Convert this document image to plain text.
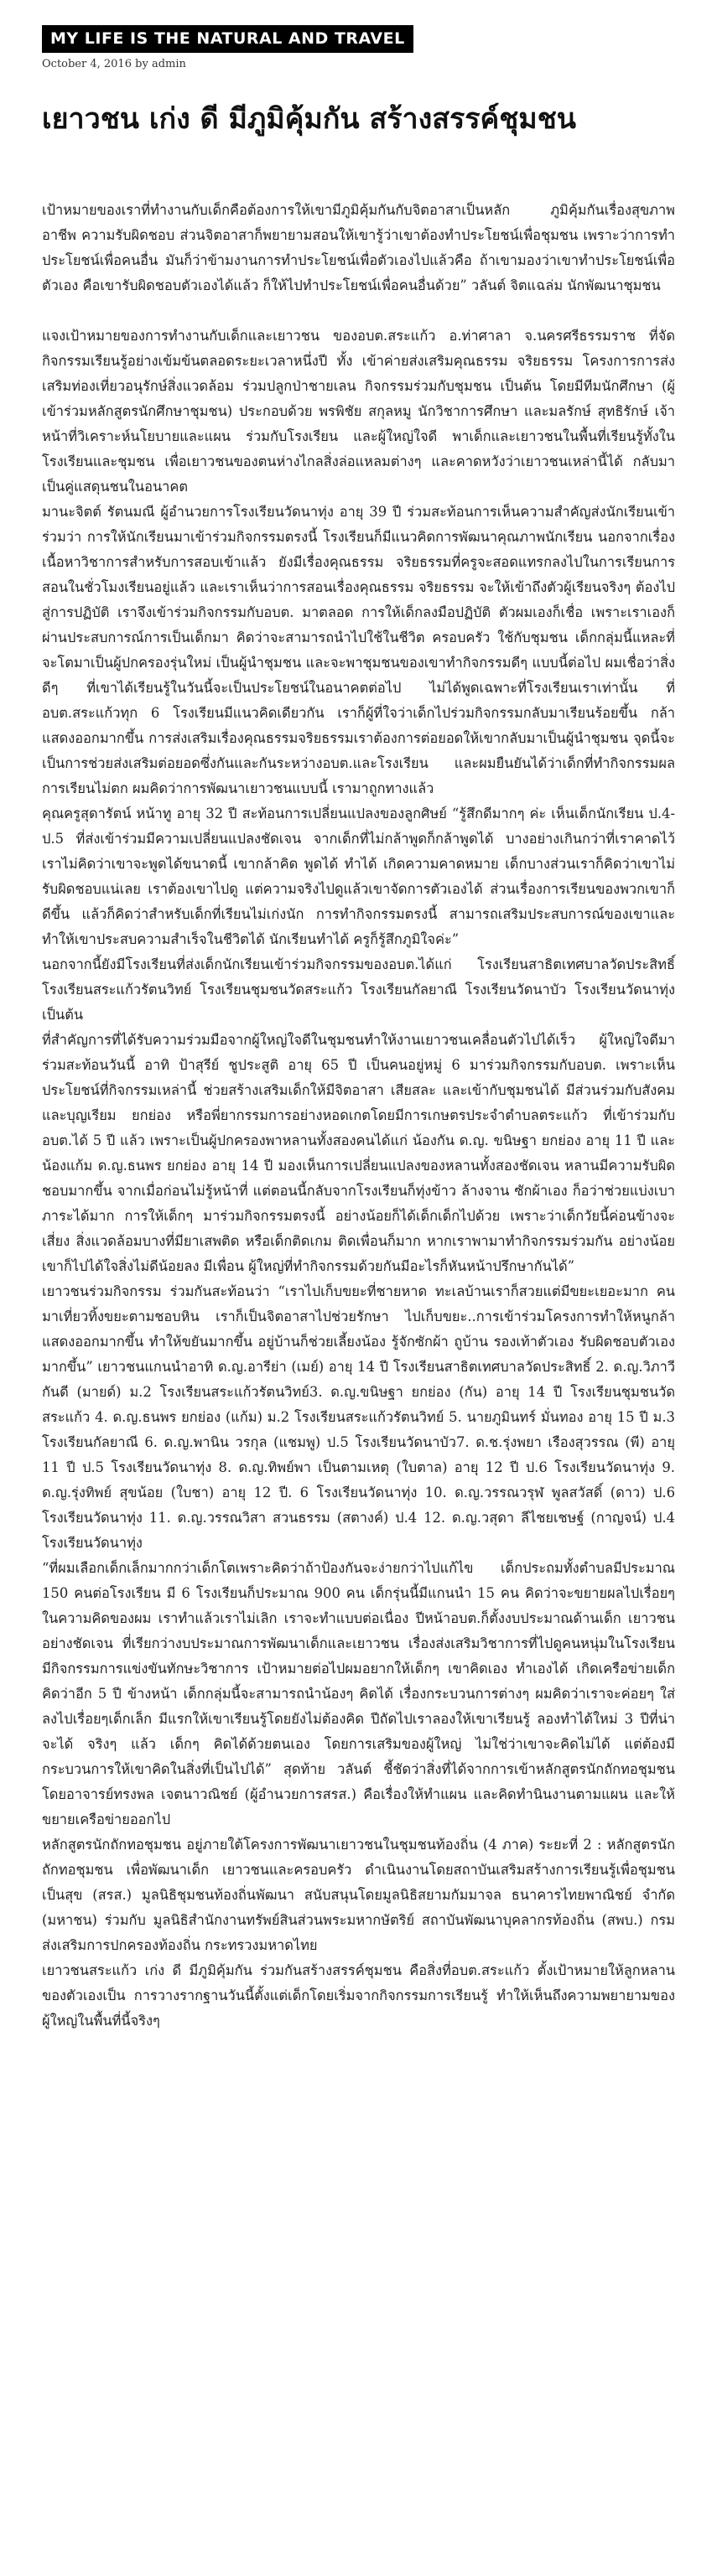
MY LIFE IS THE NATURAL AND TRAVEL
October 4, 2016 by admin
เยาวชน เก่ง ดี มีภูมิคุ้มกัน สร้างสรรค์ชุมชน

เป้าหมายของเราที่ทำงานกับเด็กคือต้องการให้เขามีภูมิคุ้มกันกับจิตอาสาเป็นหลัก ภูมิคุ้มกันเรื่องสุขภาพ อาชีพ ความรับผิดชอบ ส่วนจิตอาสาก็พยายามสอนให้เขารู้ว่าเขาต้องทำประโยชน์เพื่อชุมชน เพราะว่าการทำประโยชน์เพื่อคนอื่น มันก็ว่าข้ามงานการทำประโยชน์เพื่อตัวเองไปแล้วคือ ถ้าเขามองว่าเขาทำประโยชน์เพื่อตัวเอง คือเขารับผิดชอบตัวเองได้แล้ว ก็ให้ไปทำประโยชน์เพื่อคนอื่นด้วย” วลันต์ จิตแฉล่ม นักพัฒนาชุมชน

แจงเป้าหมายของการทำงานกับเด็กและเยาวชน ของอบต.สระแก้ว อ.ท่าศาลา จ.นครศรีธรรมราช ที่จัดกิจกรรมเรียนรู้อย่างเข้มข้นตลอดระยะเวลาหนึ่งปี ทั้ง เข้าค่ายส่งเสริมคุณธรรม จริยธรรม โครงการการส่งเสริมท่องเที่ยวอนุรักษ์สิ่งแวดล้อม ร่วมปลูกป่าชายเลน กิจกรรมร่วมกับชุมชน เป็นต้น โดยมีทีมนักศึกษา (ผู้เข้าร่วมหลักสูตรนักศึกษาชุมชน) ประกอบด้วย พรพิชัย สกุลหมู นักวิชาการศึกษา และมลรักษ์ สุทธิรักษ์ เจ้าหน้าที่วิเคราะห์นโยบายและแผน ร่วมกับโรงเรียน และผู้ใหญ่ใจดี พาเด็กและเยาวชนในพื้นที่เรียนรู้ทั้งในโรงเรียนและชุมชน เพื่อเยาวชนของตนห่างไกลสิ่งล่อแหลมต่างๆ และคาดหวังว่าเยาวชนเหล่านี้ได้ กลับมาเป็นคู่แสดุนชนในอนาคต

มานะจิตต์ รัตนมณี ผู้อำนวยการโรงเรียนวัดนาทุ่ง อายุ 39 ปี ร่วมสะท้อนการเห็นความสำคัญส่งนักเรียนเข้าร่วมว่า การให้นักเรียนมาเข้าร่วมกิจกรรมตรงนี้ โรงเรียนก็มีแนวคิดการพัฒนาคุณภาพนักเรียน นอกจากเรื่องเนื้อหาวิชาการสำหรับการสอบเข้าแล้ว ยังมีเรื่องคุณธรรม จริยธรรมที่ครูจะสอดแทรกลงไปในการเรียนการสอนในชั่วโมงเรียนอยู่แล้ว และเราเห็นว่าการสอนเรื่องคุณธรรม จริยธรรม จะให้เข้าถึงตัวผู้เรียนจริงๆ ต้องไปสู่การปฏิบัติ เราจึงเข้าร่วมกิจกรรมกับอบต. มาตลอด การให้เด็กลงมือปฏิบัติ ตัวผมเองก็เชื่อ เพราะเราเองก็ผ่านประสบการณ์การเป็นเด็กมา คิดว่าจะสามารถนำไปใช้ในชีวิต ครอบครัว ใช้กับชุมชน เด็กกลุ่มนี้แหละที่จะโตมาเป็นผู้ปกครองรุ่นใหม่ เป็นผู้นำชุมชน และจะพาชุมชนของเขาทำกิจกรรมดีๆ แบบนี้ต่อไป ผมเชื่อว่าสิ่งดีๆ ที่เขาได้เรียนรู้ในวันนี้จะเป็นประโยชน์ในอนาคตต่อไป ไม่ได้พูดเฉพาะที่โรงเรียนเราเท่านั้น ที่อบต.สระแก้วทุก 6 โรงเรียนมีแนวคิดเดียวกัน เราก็ผู้ที่ใจว่าเด็กไปร่วมกิจกรรมกลับมาเรียนร้อยขึ้น กล้าแสดงออกมากขึ้น การส่งเสริมเรื่องคุณธรรมจริยธรรมเราต้องการต่อยอดให้เขากลับมาเป็นผู้นำชุมชน จุดนี้จะเป็นการช่วยส่งเสริมต่อยอดซึ่งกันและกันระหว่างอบต.และโรงเรียน และผมยืนยันได้ว่าเด็กที่ทำกิจกรรมผลการเรียนไม่ตก ผมคิดว่าการพัฒนาเยาวชนแบบนี้ เรามาถูกทางแล้ว

คุณครูสุดารัตน์ หน้าทู อายุ 32 ปี สะท้อนการเปลี่ยนแปลงของลูกศิษย์ “รู้สึกดีมากๆ ค่ะ เห็นเด็กนักเรียน ป.4- ป.5 ที่ส่งเข้าร่วมมีความเปลี่ยนแปลงชัดเจน จากเด็กที่ไม่กล้าพูดก็กล้าพูดได้ บางอย่างเกินกว่าที่เราคาดไว้ เราไม่คิดว่าเขาจะพูดได้ขนาดนี้ เขากล้าคิด พูดได้ ทำได้ เกิดความคาดหมาย เด็กบางส่วนเราก็คิดว่าเขาไม่รับผิดชอบแน่เลย เราต้องเขาไปดู แต่ความจริงไปดูแล้วเขาจัดการตัวเองได้ ส่วนเรื่องการเรียนของพวกเขาก็ดีขึ้น แล้วก็คิดว่าสำหรับเด็กที่เรียนไม่เก่งนัก การทำกิจกรรมตรงนี้ สามารถเสริมประสบการณ์ของเขาและทำให้เขาประสบความสำเร็จในชีวิตได้ นักเรียนทำได้ ครูก็รู้สึกภูมิใจค่ะ”

นอกจากนี้ยังมีโรงเรียนที่ส่งเด็กนักเรียนเข้าร่วมกิจกรรมของอบต.ได้แก่ โรงเรียนสาธิตเทศบาลวัดประสิทธิ์ โรงเรียนสระแก้วรัตนวิทย์ โรงเรียนชุมชนวัดสระแก้ว โรงเรียนกัลยาณี โรงเรียนวัดนาบัว โรงเรียนวัดนาทุ่ง เป็นต้น

ที่สำคัญการที่ได้รับความร่วมมือจากผู้ใหญ่ใจดีในชุมชนทำให้งานเยาวชนเคลื่อนตัวไปได้เร็ว ผู้ใหญ่ใจดีมาร่วมสะท้อนวันนี้ อาทิ ป้าสุรีย์ ชูประสูติ อายุ 65 ปี เป็นคนอยู่หมู่ 6 มาร่วมกิจกรรมกับอบต. เพราะเห็นประโยชน์ที่กิจกรรมเหล่านี้ ช่วยสร้างเสริมเด็กให้มีจิตอาสา เสียสละ และเข้ากับชุมชนได้ มีส่วนร่วมกับสังคม และบุญเรียม ยกย่อง หรือพี่ยากรรมการอย่างหอดเกตโดยมีการเกษตรประจำตำบลตระแก้ว ที่เข้าร่วมกับอบต.ได้ 5 ปี แล้ว เพราะเป็นผู้ปกครองพาหลานทั้งสองคนได้แก่ น้องกัน ด.ญ. ขนิษฐา ยกย่อง อายุ 11 ปี และน้องแก้ม ด.ญ.ธนพร ยกย่อง อายุ 14 ปี มองเห็นการเปลี่ยนแปลงของหลานทั้งสองชัดเจน หลานมีความรับผิดชอบมากขึ้น จากเมื่อก่อนไม่รู้หน้าที่ แต่ตอนนี้กลับจากโรงเรียนก็ทุ่งข้าว ล้างจาน ซักผ้าเอง ก็อว่าช่วยแบ่งเบาภาระได้มาก การให้เด็กๆ มาร่วมกิจกรรมตรงนี้ อย่างน้อยก็ได้เด็กเด็กไปด้วย เพราะว่าเด็กวัยนี้ค่อนข้างจะเสี่ยง สิ่งแวดล้อมบางที่มียาเสพติด หรือเด็กติดเกม ติดเพื่อนก็มาก หากเราพามาทำกิจกรรมร่วมกัน อย่างน้อยเขาก็ไปได้ใจสิ่งไม่ดีน้อยลง มีเพื่อน ผู้ใหญ่ที่ทำกิจกรรมด้วยกันมีอะไรก็หันหน้าปรึกษากันได้”

เยาวชนร่วมกิจกรรม ร่วมกันสะท้อนว่า “เราไปเก็บขยะที่ชายหาด ทะเลบ้านเราก็สวยแต่มีขยะเยอะมาก คนมาเที่ยวทิ้งขยะตามชอบหิน เราก็เป็นจิตอาสาไปช่วยรักษา ไปเก็บขยะ..การเข้าร่วมโครงการทำให้หนูกล้าแสดงออกมากขึ้น ทำให้ขยันมากขึ้น อยู่บ้านก็ช่วยเลี้ยงน้อง รู้จักซักผ้า ถูบ้าน รองเท้าตัวเอง รับผิดชอบตัวเองมากขึ้น” เยาวชนแกนนำอาทิ ด.ญ.อารีย่า (เมย์) อายุ 14 ปี โรงเรียนสาธิตเทศบาลวัดประสิทธิ์ 2. ด.ญ.วิภาวี กันดี (มายด์) ม.2 โรงเรียนสระแก้วรัตนวิทย์3. ด.ญ.ขนิษฐา ยกย่อง (กัน) อายุ 14 ปี โรงเรียนชุมชนวัดสระแก้ว 4. ด.ญ.ธนพร ยกย่อง (แก้ม) ม.2 โรงเรียนสระแก้วรัตนวิทย์ 5. นายภูมินทร์ มั่นทอง อายุ 15 ปี ม.3 โรงเรียนกัลยาณี 6. ด.ญ.พานิน วรกุล (แชมพู) ป.5 โรงเรียนวัดนาบัว7. ด.ช.รุ่งพยา เรืองสุวรรณ (พี) อายุ 11 ปี ป.5 โรงเรียนวัดนาทุ่ง 8. ด.ญ.ทิพย์พา เป็นตามเหตุ (ใบตาล) อายุ 12 ปี ป.6 โรงเรียนวัดนาทุ่ง 9. ด.ญ.รุ่งทิพย์ สุขน้อย (ใบชา) อายุ 12 ปี. 6 โรงเรียนวัดนาทุ่ง 10. ด.ญ.วรรณวรุฬ พูลสวัสดิ์ (ดาว) ป.6 โรงเรียนวัดนาทุ่ง 11. ด.ญ.วรรณวิสา สวนธรรม (สตางค์) ป.4 12. ด.ญ.วสุดา ลีไชยเชษฐ์ (กาญจน์) ป.4 โรงเรียนวัดนาทุ่ง

“ที่ผมเลือกเด็กเล็กมากกว่าเด็กโตเพราะคิดว่าถ้าป้องกันจะง่ายกว่าไปแก้ไข เด็กประถมทั้งตำบลมีประมาณ 150 คนต่อโรงเรียน มี 6 โรงเรียนก็ประมาณ 900 คน เด็กรุ่นนี้มีแกนนำ 15 คน คิดว่าจะขยายผลไปเรื่อยๆ ในความคิดของผม เราทำแล้วเราไม่เลิก เราจะทำแบบต่อเนื่อง ปีหน้าอบต.ก็ตั้งงบประมาณด้านเด็ก เยาวชนอย่างชัดเจน ที่เรียกว่างบประมาณการพัฒนาเด็กและเยาวชน เรื่องส่งเสริมวิชาการที่ไปดูคนหนุ่มในโรงเรียน มีกิจกรรมการแข่งขันทักษะวิชาการ เป้าหมายต่อไปผมอยากให้เด็กๆ เขาคิดเอง ทำเองได้ เกิดเครือข่ายเด็ก คิดว่าอีก 5 ปี ข้างหน้า เด็กกลุ่มนี้จะสามารถนำน้องๆ คิดได้ เรื่องกระบวนการต่างๆ ผมคิดว่าเราจะค่อยๆ ใส่ลงไปเรื่อยๆเด็กเล็ก มีแรกให้เขาเรียนรู้โดยยังไม่ต้องคิด ปีถัดไปเราลองให้เขาเรียนรู้ ลองทำได้ใหม่ 3 ปีที่น่าจะได้ จริงๆ แล้ว เด็กๆ คิดได้ด้วยตนเอง โดยการเสริมของผู้ใหญ่ ไม่ใช่ว่าเขาจะคิดไม่ได้ แต่ต้องมีกระบวนการให้เขาคิดในสิ่งที่เป็นไปได้” สุดท้าย วลันต์ ชี้ชัดว่าสิ่งที่ได้จากการเข้าหลักสูตรนักถักทอชุมชน โดยอาจารย์ทรงพล เจตนาวณิชย์ (ผู้อำนวยการสรส.) คือเรื่องให้ทำแผน และคิดทำนินงานตามแผน และให้ขยายเครือข่ายออกไป

หลักสูตรนักถักทอชุมชน อยู่ภายใต้โครงการพัฒนาเยาวชนในชุมชนท้องถิ่น (4 ภาค) ระยะที่ 2 : หลักสูตรนักถักทอชุมชน เพื่อพัฒนาเด็ก เยาวชนและครอบครัว ดำเนินงานโดยสถาบันเสริมสร้างการเรียนรู้เพื่อชุมชนเป็นสุข (สรส.) มูลนิธิชุมชนท้องถิ่นพัฒนา สนับสนุนโดยมูลนิธิสยามกัมมาจล ธนาคารไทยพาณิชย์ จำกัด (มหาชน) ร่วมกับ มูลนิธิสำนักงานทรัพย์สินส่วนพระมหากษัตริย์ สถาบันพัฒนาบุคลากรท้องถิ่น (สพบ.) กรมส่งเสริมการปกครองท้องถิ่น กระทรวงมหาดไทย

เยาวชนสระแก้ว เก่ง ดี มีภูมิคุ้มกัน ร่วมกันสร้างสรรค์ชุมชน คือสิ่งที่อบต.สระแก้ว ตั้งเป้าหมายให้ลูกหลานของตัวเองเป็น การวางรากฐานวันนี้ตั้งแต่เด็กโดยเริ่มจากกิจกรรมการเรียนรู้ ทำให้เห็นถึงความพยายามของผู้ใหญ่ในพื้นที่นี้จริงๆ
